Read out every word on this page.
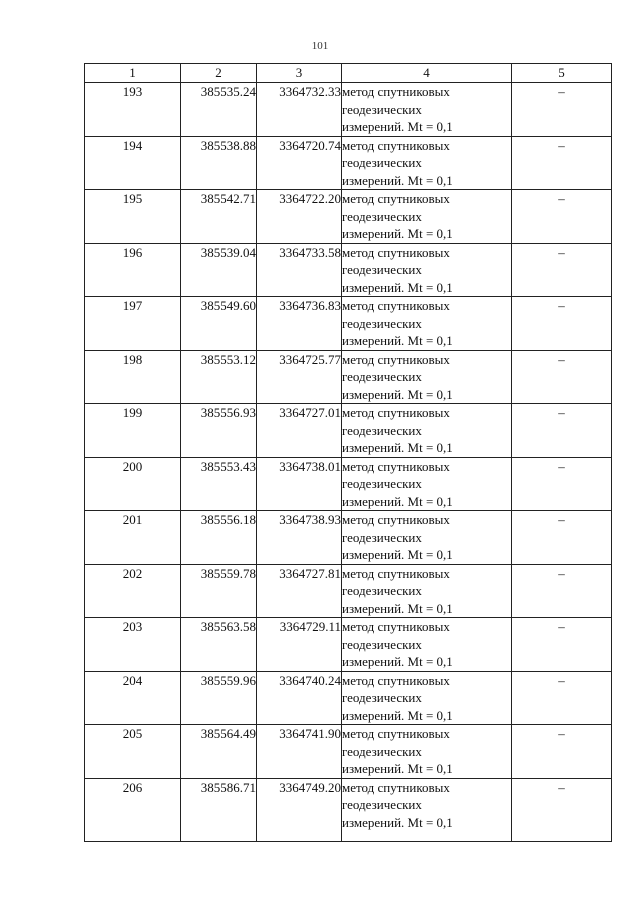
101
1	2	3	4	5
193	385535.24	3364732.33	метод спутниковых
геодезических
измерений. Mt = 0,1	–
194	385538.88	3364720.74	метод спутниковых
геодезических
измерений. Mt = 0,1	–
195	385542.71	3364722.20	метод спутниковых
геодезических
измерений. Mt = 0,1	–
196	385539.04	3364733.58	метод спутниковых
геодезических
измерений. Mt = 0,1	–
197	385549.60	3364736.83	метод спутниковых
геодезических
измерений. Mt = 0,1	–
198	385553.12	3364725.77	метод спутниковых
геодезических
измерений. Mt = 0,1	–
199	385556.93	3364727.01	метод спутниковых
геодезических
измерений. Mt = 0,1	–
200	385553.43	3364738.01	метод спутниковых
геодезических
измерений. Mt = 0,1	–
201	385556.18	3364738.93	метод спутниковых
геодезических
измерений. Mt = 0,1	–
202	385559.78	3364727.81	метод спутниковых
геодезических
измерений. Mt = 0,1	–
203	385563.58	3364729.11	метод спутниковых
геодезических
измерений. Mt = 0,1	–
204	385559.96	3364740.24	метод спутниковых
геодезических
измерений. Mt = 0,1	–
205	385564.49	3364741.90	метод спутниковых
геодезических
измерений. Mt = 0,1	–
206	385586.71	3364749.20	метод спутниковых
геодезических
измерений. Mt = 0,1	–
